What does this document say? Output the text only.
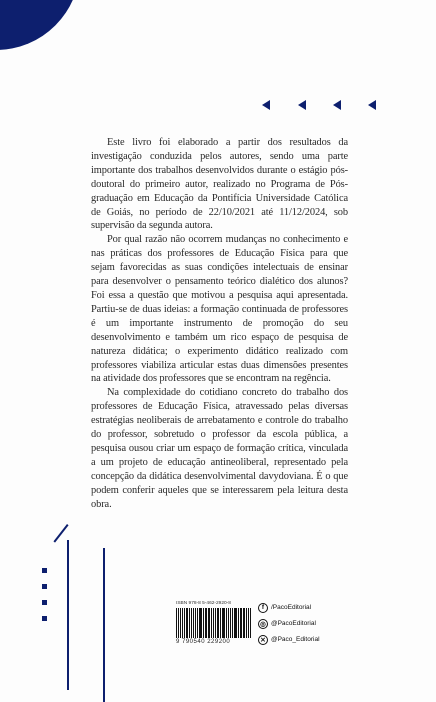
Este livro foi elaborado a partir dos resultados da investigação conduzida pelos autores, sendo uma parte importante dos trabalhos desenvolvidos durante o estágio pós-doutoral do primeiro autor, realizado no Programa de Pós-graduação em Educação da Pontifícia Universidade Católica de Goiás, no período de 22/10/2021 até 11/12/2024, sob supervisão da segunda autora.

Por qual razão não ocorrem mudanças no conhecimento e nas práticas dos professores de Educação Física para que sejam favorecidas as suas condições intelectuais de ensinar para desenvolver o pensamento teórico dialético dos alunos? Foi essa a questão que motivou a pesquisa aqui apresentada. Partiu-se de duas ideias: a formação continuada de professores é um importante instrumento de promoção do seu desenvolvimento e também um rico espaço de pesquisa de natureza didática; o experimento didático realizado com professores viabiliza articular estas duas dimensões presentes na atividade dos professores que se encontram na regência.

Na complexidade do cotidiano concreto do trabalho dos professores de Educação Física, atravessado pelas diversas estratégias neoliberais de arrebatamento e controle do trabalho do professor, sobretudo o professor da escola pública, a pesquisa ousou criar um espaço de formação crítica, vinculada a um projeto de educação antineoliberal, representado pela concepção da didática desenvolvimental davydoviana. É o que podem conferir aqueles que se interessarem pela leitura desta obra.

ISBN 978-8 5-462-2920-8
9 790540 229200
f	/PacoEditorial
◎ @PacoEditorial
✕ @Paco_Editorial
